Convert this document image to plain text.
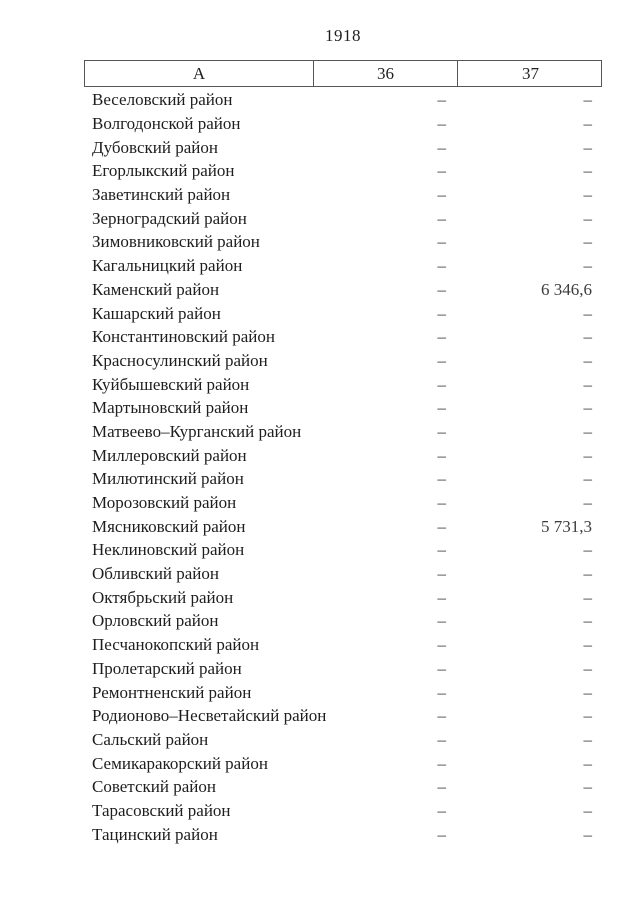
1918
А	36	37
Веселовский район	–	–
Волгодонской район	–	–
Дубовский район	–	–
Егорлыкский район	–	–
Заветинский район	–	–
Зерноградский район	–	–
Зимовниковский район	–	–
Кагальницкий район	–	–
Каменский район	–	6 346,6
Кашарский район	–	–
Константиновский район	–	–
Красносулинский район	–	–
Куйбышевский район	–	–
Мартыновский район	–	–
Матвеево–Курганский район	–	–
Миллеровский район	–	–
Милютинский район	–	–
Морозовский район	–	–
Мясниковский район	–	5 731,3
Неклиновский район	–	–
Обливский район	–	–
Октябрьский район	–	–
Орловский район	–	–
Песчанокопский район	–	–
Пролетарский район	–	–
Ремонтненский район	–	–
Родионово–Несветайский район	–	–
Сальский район	–	–
Семикаракорский район	–	–
Советский район	–	–
Тарасовский район	–	–
Тацинский район	–	–
